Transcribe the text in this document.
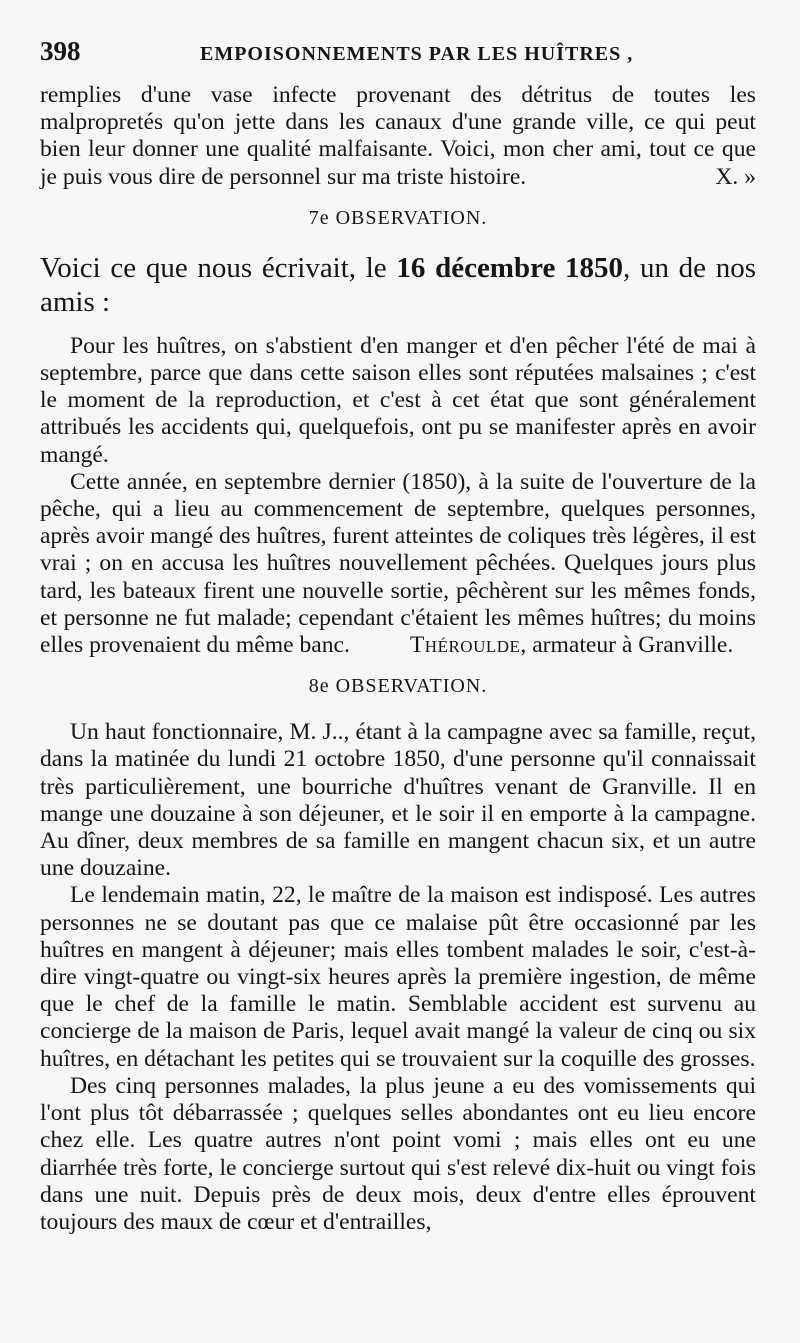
398	EMPOISONNEMENTS PAR LES HUÎTRES ,

remplies d'une vase infecte provenant des détritus de toutes les malpropretés qu'on jette dans les canaux d'une grande ville, ce qui peut bien leur donner une qualité malfaisante. Voici, mon cher ami, tout ce que je puis vous dire de personnel sur ma triste histoire.	X. »

7e OBSERVATION.

Voici ce que nous écrivait, le 16 décembre 1850, un de nos amis :

Pour les huîtres, on s'abstient d'en manger et d'en pêcher l'été de mai à septembre, parce que dans cette saison elles sont réputées malsaines ; c'est le moment de la reproduction, et c'est à cet état que sont généralement attribués les accidents qui, quelquefois, ont pu se manifester après en avoir mangé.

Cette année, en septembre dernier (1850), à la suite de l'ouverture de la pêche, qui a lieu au commencement de septembre, quelques personnes, après avoir mangé des huîtres, furent atteintes de coliques très légères, il est vrai ; on en accusa les huîtres nouvellement pêchées. Quelques jours plus tard, les bateaux firent une nouvelle sortie, pêchèrent sur les mêmes fonds, et personne ne fut malade; cependant c'étaient les mêmes huîtres; du moins elles provenaient du même banc.	Théroulde, armateur à Granville.

8e OBSERVATION.

Un haut fonctionnaire, M. J.., étant à la campagne avec sa famille, reçut, dans la matinée du lundi 21 octobre 1850, d'une personne qu'il connaissait très particulièrement, une bourriche d'huîtres venant de Granville. Il en mange une douzaine à son déjeuner, et le soir il en emporte à la campagne. Au dîner, deux membres de sa famille en mangent chacun six, et un autre une douzaine.

Le lendemain matin, 22, le maître de la maison est indisposé. Les autres personnes ne se doutant pas que ce malaise pût être occasionné par les huîtres en mangent à déjeuner; mais elles tombent malades le soir, c'est-à-dire vingt-quatre ou vingt-six heures après la première ingestion, de même que le chef de la famille le matin. Semblable accident est survenu au concierge de la maison de Paris, lequel avait mangé la valeur de cinq ou six huîtres, en détachant les petites qui se trouvaient sur la coquille des grosses.

Des cinq personnes malades, la plus jeune a eu des vomissements qui l'ont plus tôt débarrassée ; quelques selles abondantes ont eu lieu encore chez elle. Les quatre autres n'ont point vomi ; mais elles ont eu une diarrhée très forte, le concierge surtout qui s'est relevé dix-huit ou vingt fois dans une nuit. Depuis près de deux mois, deux d'entre elles éprouvent toujours des maux de cœur et d'entrailles,
